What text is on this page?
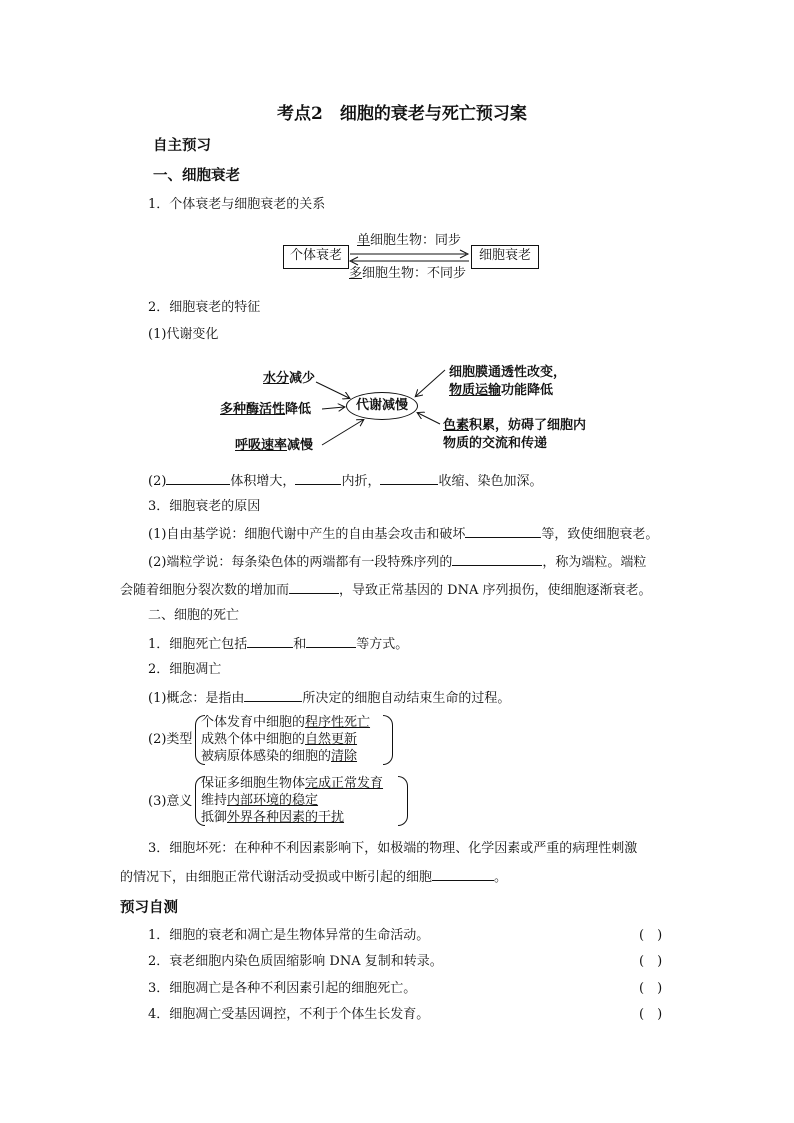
考点2　细胞的衰老与死亡预习案
自主预习
一、细胞衰老
1．个体衰老与细胞衰老的关系
个体衰老	细胞衰老
单细胞生物：同步
多细胞生物：不同步
2．细胞衰老的特征
(1)代谢变化
代谢减慢
水分减少
多种酶活性降低
呼吸速率减慢
细胞膜通透性改变，
物质运输功能降低
色素积累，妨碍了细胞内
物质的交流和传递
(2)	体积增大，	内折，	收缩、染色加深。
3．细胞衰老的原因
(1)自由基学说：细胞代谢中产生的自由基会攻击和破坏	等，致使细胞衰老。
(2)端粒学说：每条染色体的两端都有一段特殊序列的	，称为端粒。端粒
会随着细胞分裂次数的增加而	，导致正常基因的 DNA 序列损伤，使细胞逐渐衰老。
二、细胞的死亡
1．细胞死亡包括	和	等方式。
2．细胞凋亡
(1)概念：是指由	所决定的细胞自动结束生命的过程。
(2)类型
个体发育中细胞的程序性死亡
成熟个体中细胞的自然更新
被病原体感染的细胞的清除
(3)意义
保证多细胞生物体完成正常发育
维持内部环境的稳定
抵御外界各种因素的干扰
3．细胞坏死：在种种不利因素影响下，如极端的物理、化学因素或严重的病理性刺激
的情况下，由细胞正常代谢活动受损或中断引起的细胞	。
预习自测
1．细胞的衰老和凋亡是生物体异常的生命活动。	(　)
2．衰老细胞内染色质固缩影响 DNA 复制和转录。	(　)
3．细胞凋亡是各种不利因素引起的细胞死亡。	(　)
4．细胞凋亡受基因调控，不利于个体生长发育。	(　)
